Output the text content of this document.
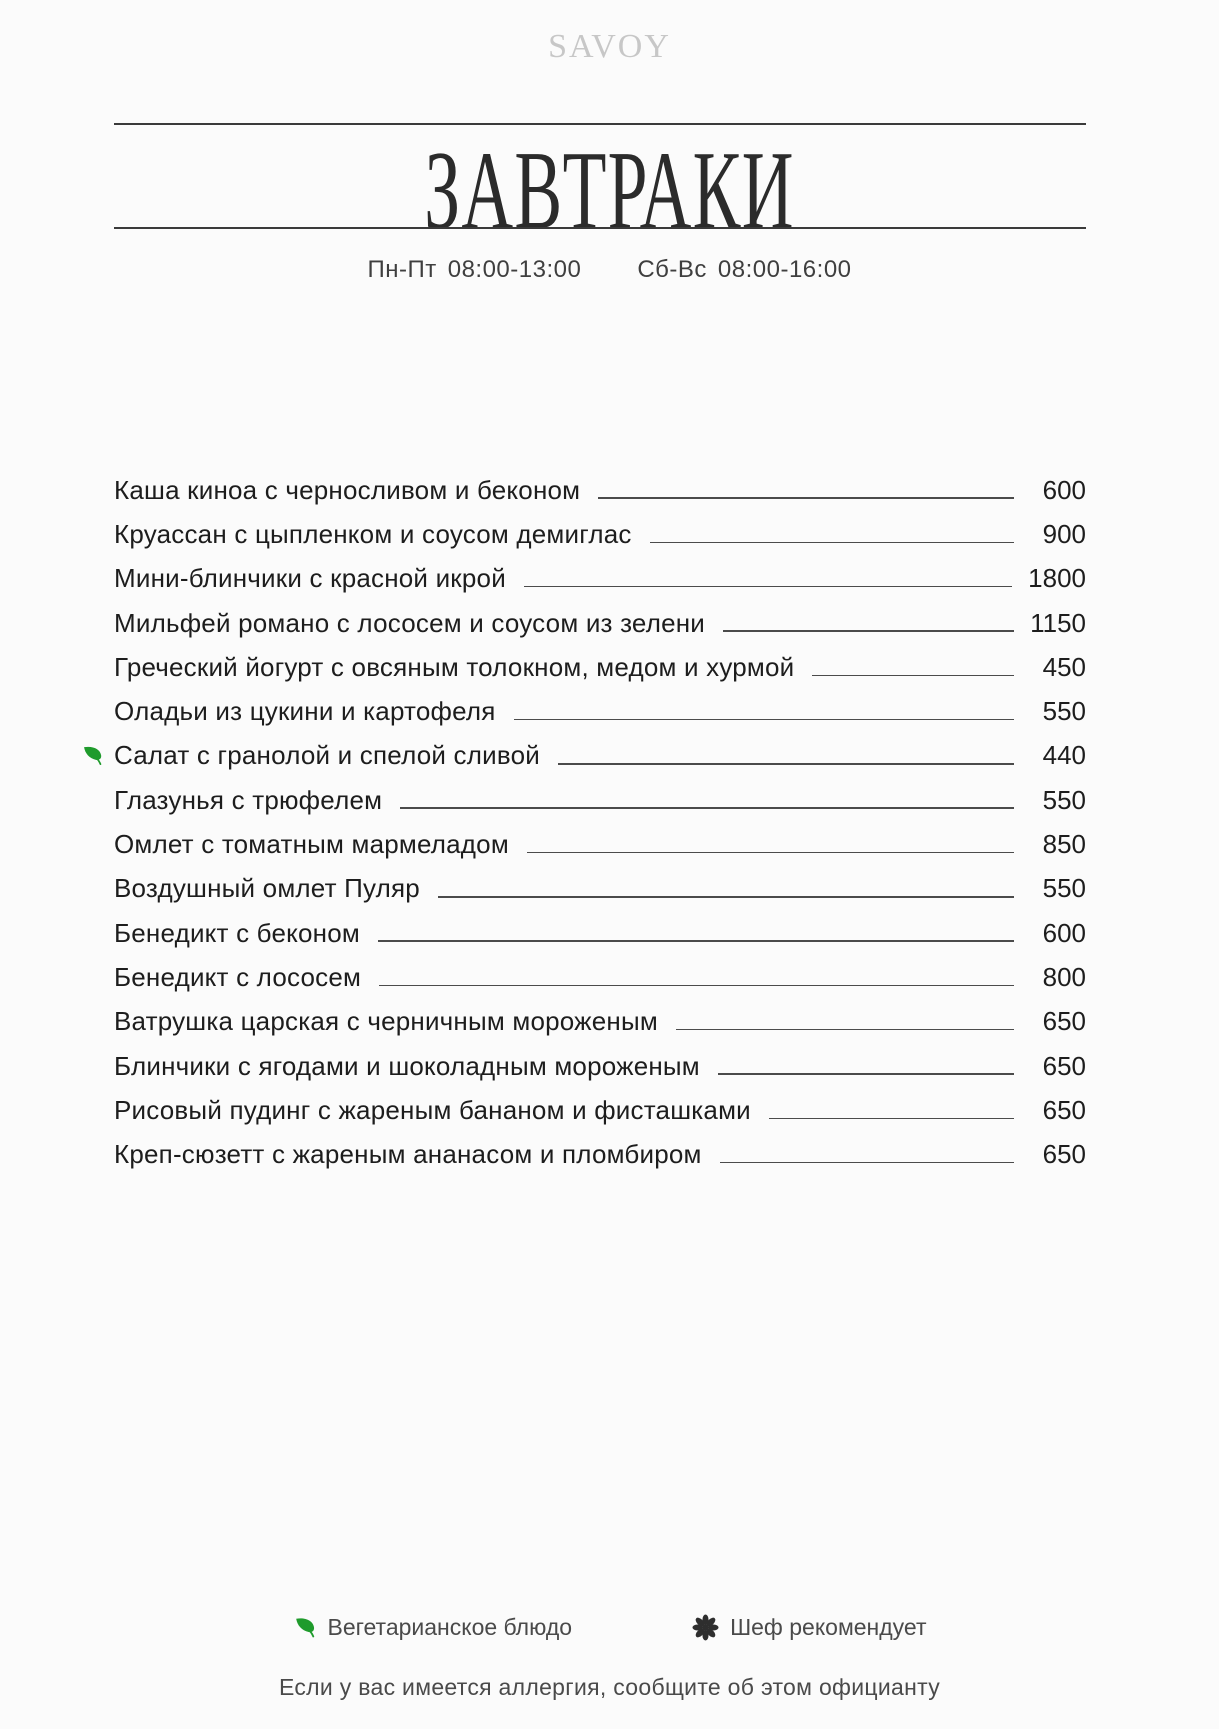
SAVOY
ЗАВТРАКИ
Пн-Пт 08:00-13:00 Сб-Вс 08:00-16:00
Каша киноа с черносливом и беконом	600
Круассан с цыпленком и соусом демиглас	900
Мини-блинчики с красной икрой	1800
Мильфей романо с лососем и соусом из зелени	1150
Греческий йогурт с овсяным толокном, медом и хурмой	450
Оладьи из цукини и картофеля	550
Салат с гранолой и спелой сливой	440
Глазунья с трюфелем	550
Омлет с томатным мармеладом	850
Воздушный омлет Пуляр	550
Бенедикт с беконом	600
Бенедикт с лососем	800
Ватрушка царская с черничным мороженым	650
Блинчики с ягодами и шоколадным мороженым	650
Рисовый пудинг с жареным бананом и фисташками	650
Креп-сюзетт с жареным ананасом и пломбиром	650
Вегетарианское блюдо	Шеф рекомендует
Если у вас имеется аллергия, сообщите об этом официанту
